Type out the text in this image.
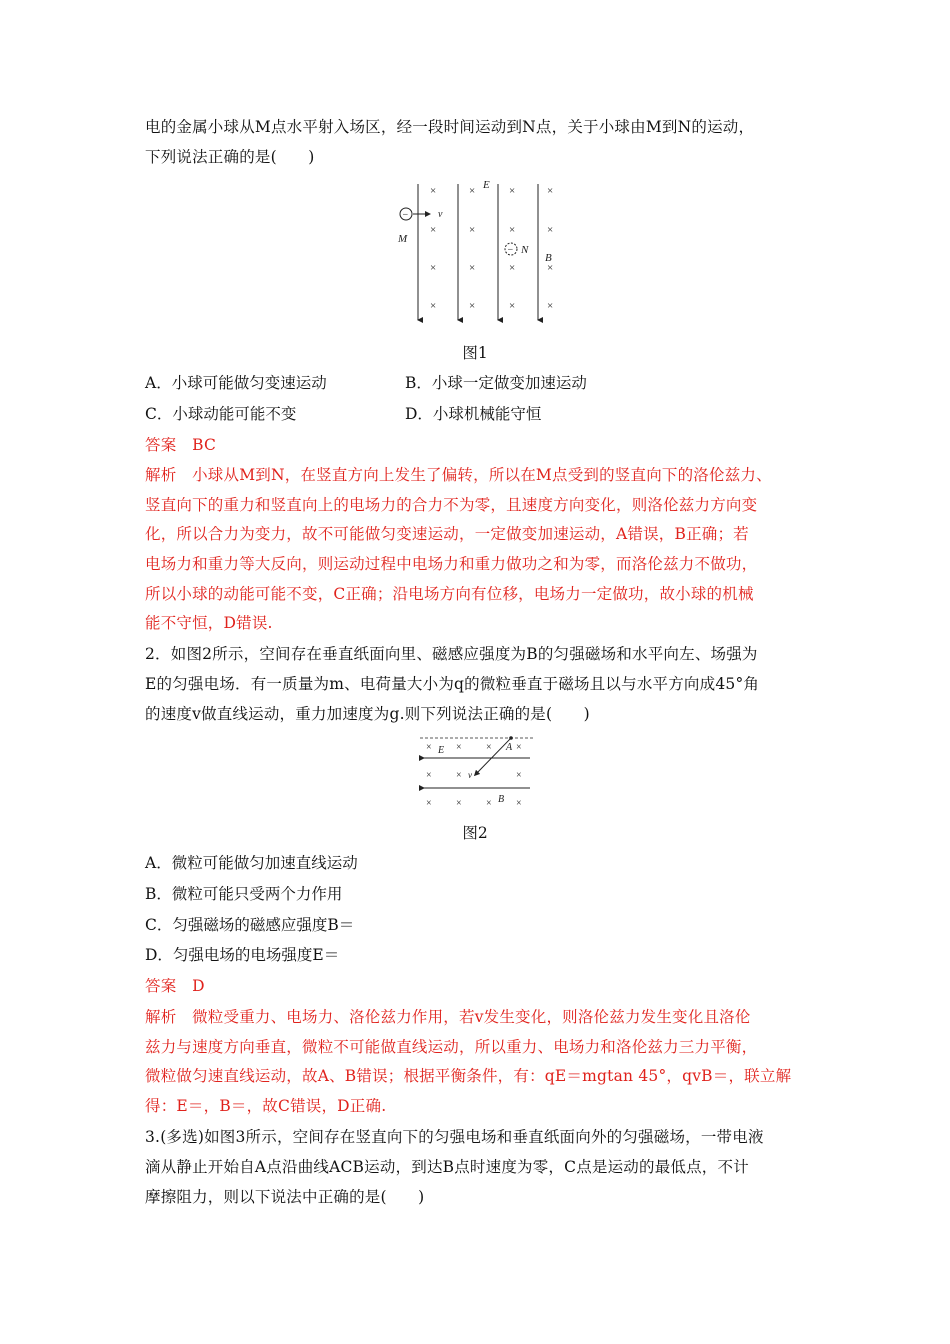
电的金属小球从M点水平射入场区，经一段时间运动到N点，关于小球由M到N的运动，
下列说法正确的是(　　)
×	×	×	×
×	×	×	×
×	×	×	×
×	×	×	×
E
−	v
M
− N
B
图1
A．小球可能做匀变速运动	B．小球一定做变加速运动
C．小球动能可能不变	D．小球机械能守恒
答案　BC
解析　小球从M到N，在竖直方向上发生了偏转，所以在M点受到的竖直向下的洛伦兹力、
竖直向下的重力和竖直向上的电场力的合力不为零，且速度方向变化，则洛伦兹力方向变
化，所以合力为变力，故不可能做匀变速运动，一定做变加速运动，A错误，B正确；若
电场力和重力等大反向，则运动过程中电场力和重力做功之和为零，而洛伦兹力不做功，
所以小球的动能可能不变，C正确；沿电场方向有位移，电场力一定做功，故小球的机械
能不守恒，D错误.
2．如图2所示，空间存在垂直纸面向里、磁感应强度为B的匀强磁场和水平向左、场强为
E的匀强电场．有一质量为m、电荷量大小为q的微粒垂直于磁场且以与水平方向成45°角
的速度v做直线运动，重力加速度为g.则下列说法正确的是(　　)
× × × ×
× ×	×
× × × ×
E	A
v
B
图2
A．微粒可能做匀加速直线运动
B．微粒可能只受两个力作用
C．匀强磁场的磁感应强度B＝
D．匀强电场的电场强度E＝
答案　D
解析　微粒受重力、电场力、洛伦兹力作用，若v发生变化，则洛伦兹力发生变化且洛伦
兹力与速度方向垂直，微粒不可能做直线运动，所以重力、电场力和洛伦兹力三力平衡，
微粒做匀速直线运动，故A、B错误；根据平衡条件，有：qE＝mgtan 45°，qvB＝，联立解
得：E＝，B＝，故C错误，D正确.
3.(多选)如图3所示，空间存在竖直向下的匀强电场和垂直纸面向外的匀强磁场，一带电液
滴从静止开始自A点沿曲线ACB运动，到达B点时速度为零，C点是运动的最低点，不计
摩擦阻力，则以下说法中正确的是(　　)
